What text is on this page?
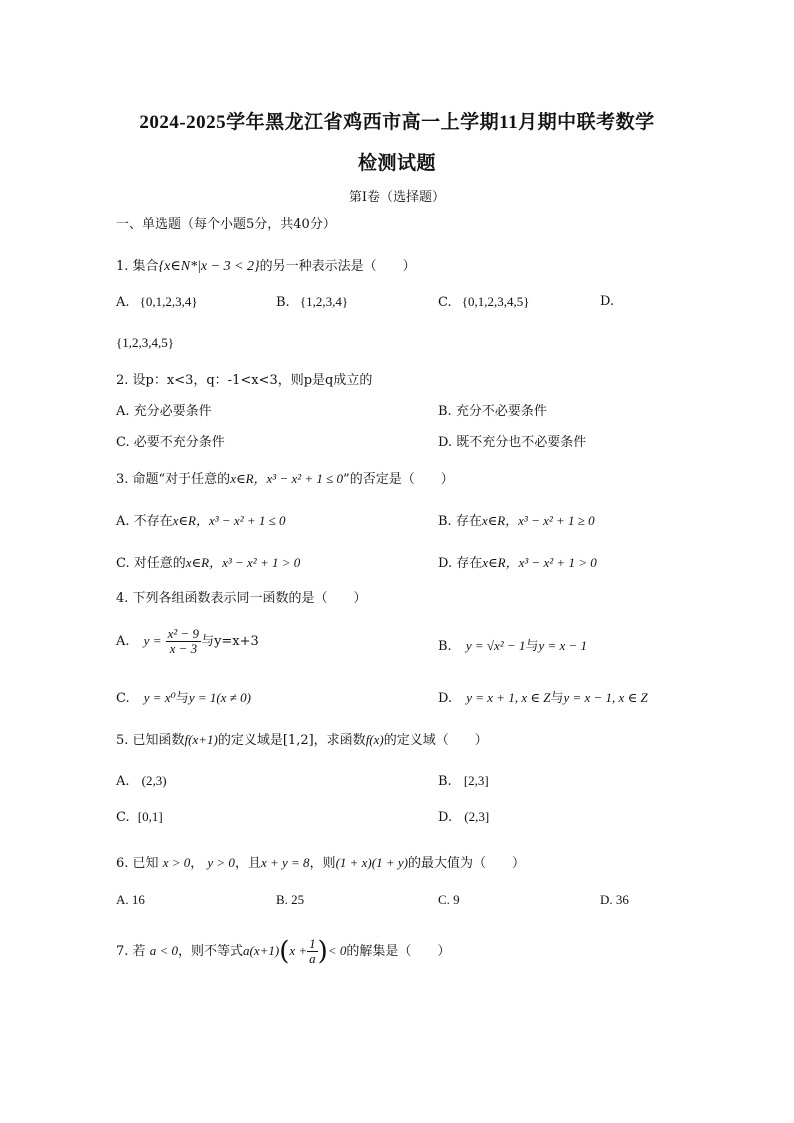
2024-2025学年黑龙江省鸡西市高一上学期11月期中联考数学
检测试题
第I卷（选择题）
一、单选题（每个小题5分，共40分）
1. 集合{x∈N*|x − 3 < 2}的另一种表示法是（　　）
A. {0,1,2,3,4}	B. {1,2,3,4}	C. {0,1,2,3,4,5}	D.
{1,2,3,4,5}
2. 设p：x<3，q：-1<x<3，则p是q成立的
A. 充分必要条件	B. 充分不必要条件
C. 必要不充分条件	D. 既不充分也不必要条件
3. 命题“对于任意的x∈R，x³ − x² + 1 ≤ 0”的否定是（　　）
A. 不存在x∈R，x³ − x² + 1 ≤ 0	B. 存在x∈R，x³ − x² + 1 ≥ 0
C. 对任意的x∈R，x³ − x² + 1 > 0	D. 存在x∈R，x³ − x² + 1 > 0
4. 下列各组函数表示同一函数的是（　　）
A. $y = \frac{\text{x² − 9}}{x - 3}$ 与y=x+3	B. y = √x² − 1与y = x − 1
C. y = x⁰与y = 1(x ≠ 0)	D. y = x + 1, x ∈ Z与y = x − 1, x ∈ Z
5. 已知函数f(x+1)的定义域是[1,2]，求函数f(x)的定义域（　　）
A. (2,3)	B. [2,3]
C. [0,1]	D. (2,3]
6. 已知 x > 0， y > 0，且x + y = 8，则(1 + x)(1 + y)的最大值为（　　）
A. 16	B. 25	C. 9	D. 36
7. 若 a < 0，则不等式$a(x+1)(x + \frac{1}{a}$ )< 0的解集是（　　）
